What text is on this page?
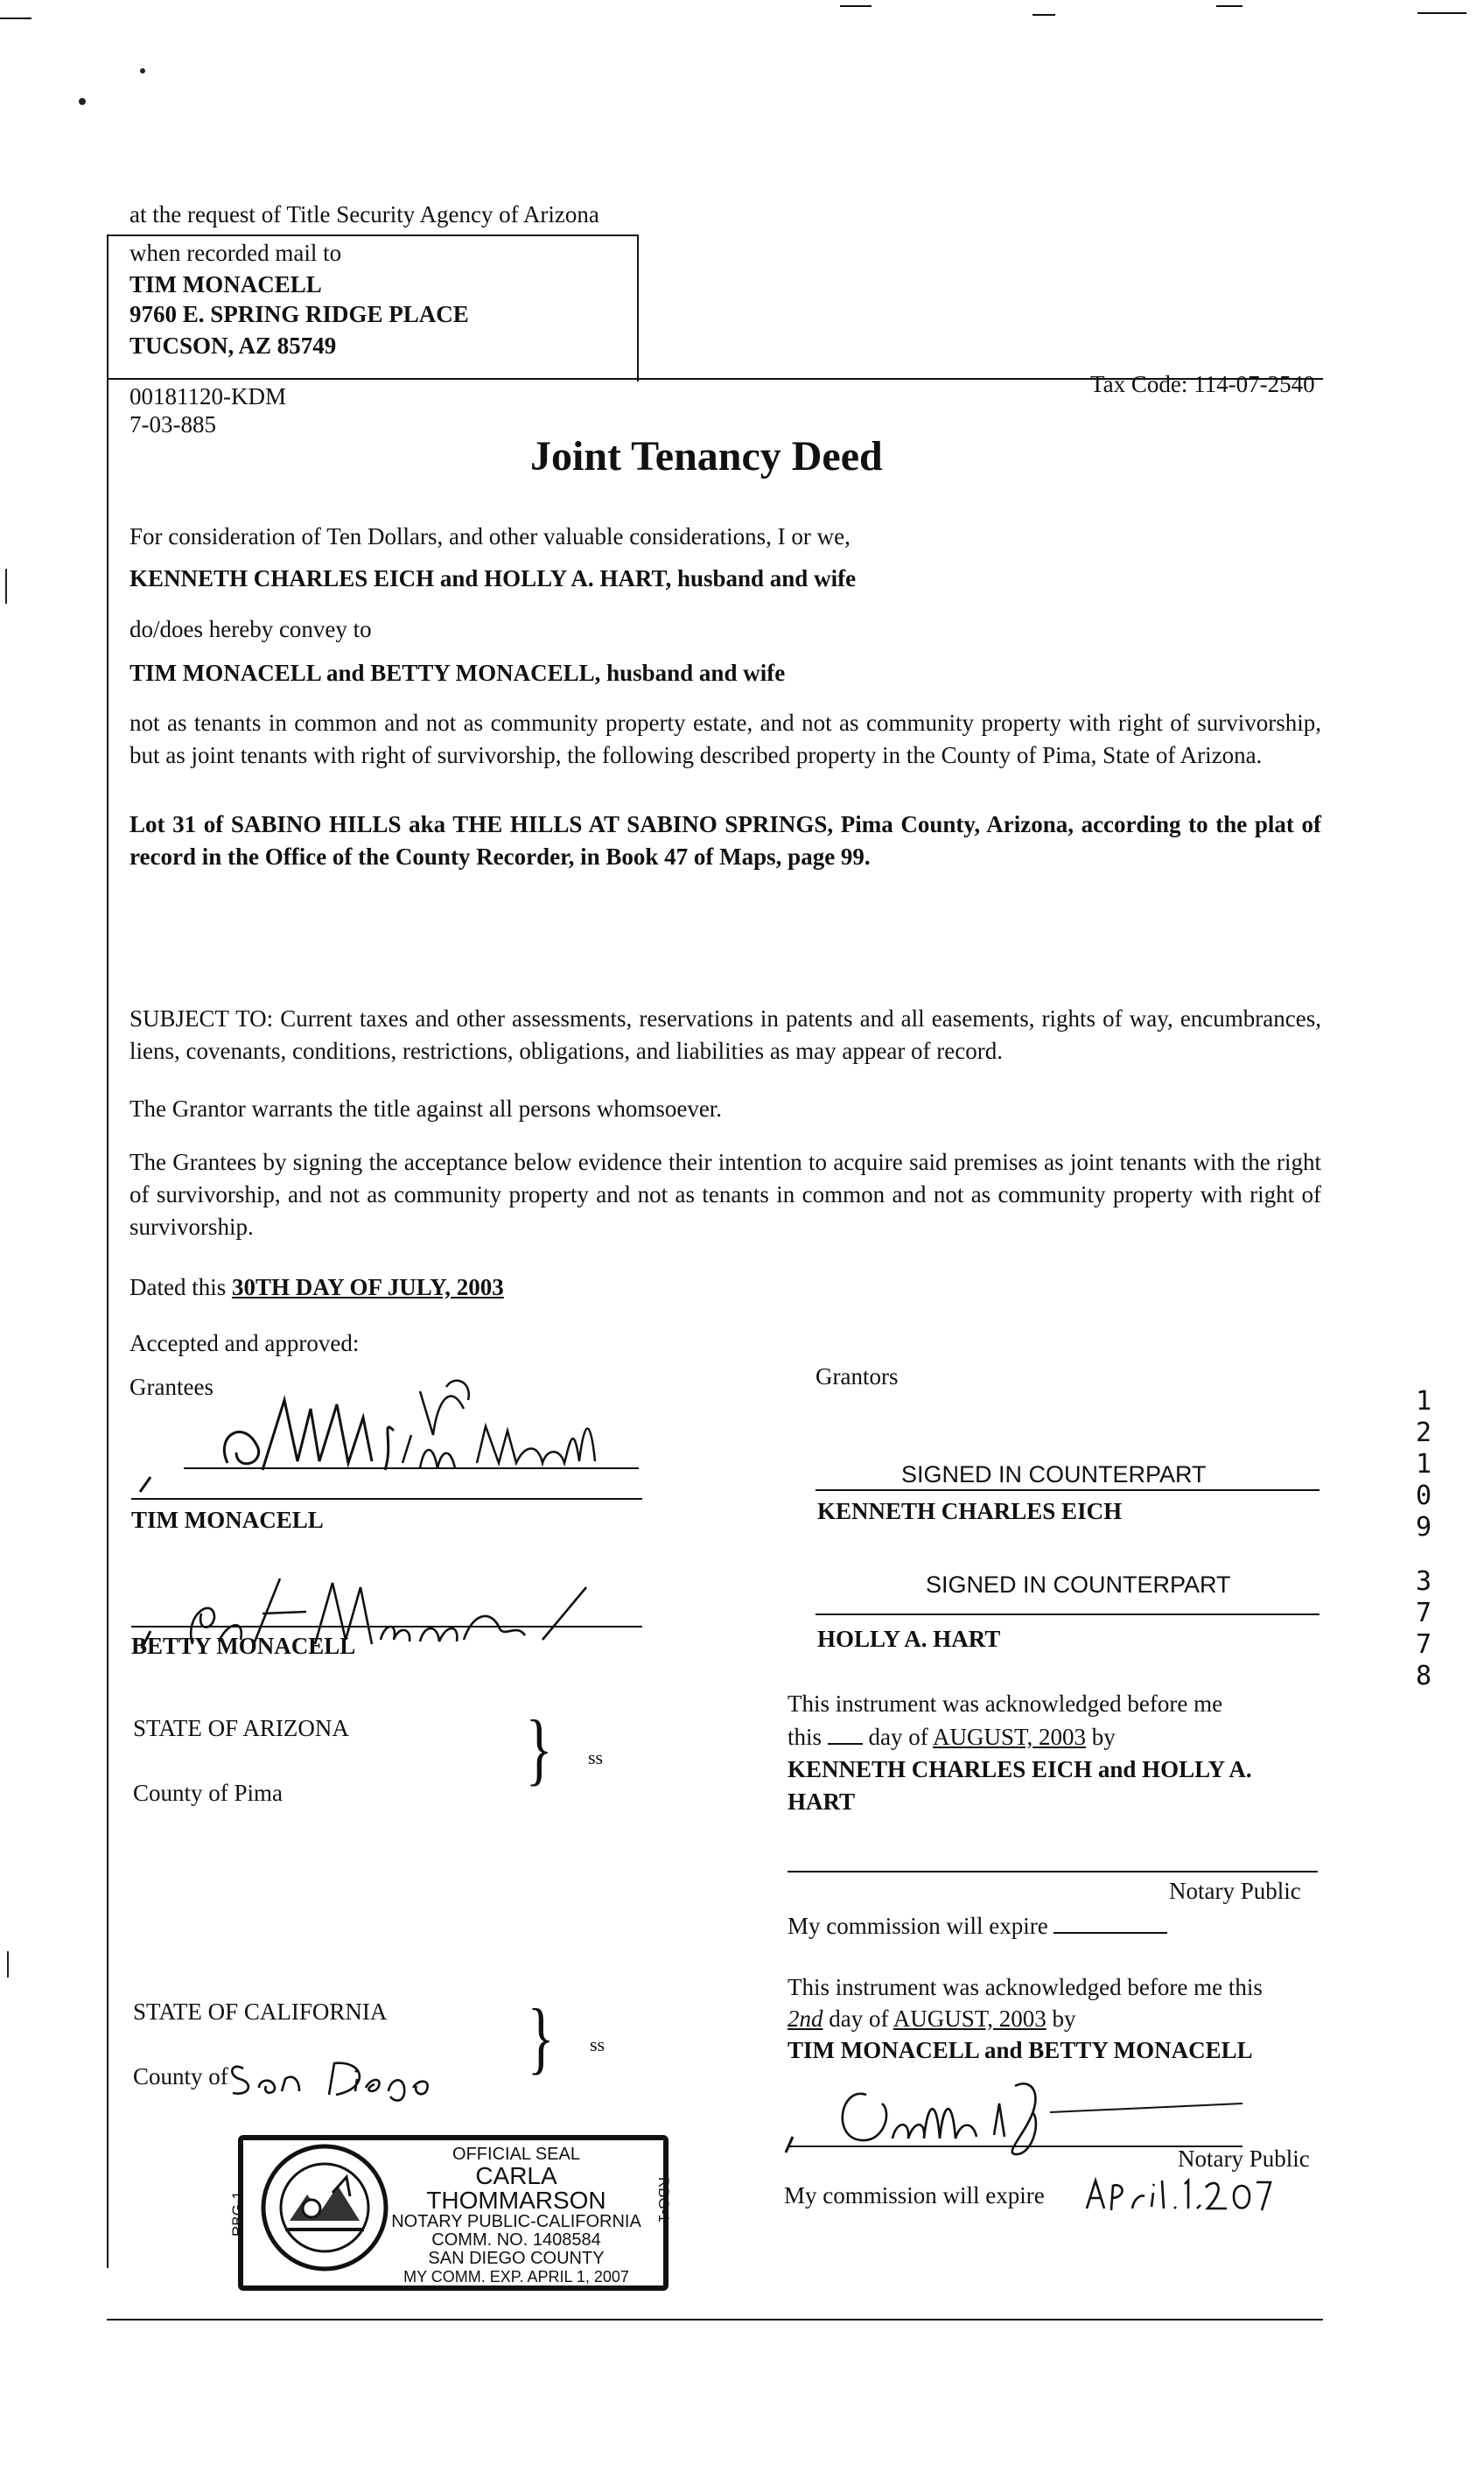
at the request of Title Security Agency of Arizona
when recorded mail to
TIM MONACELL
9760 E. SPRING RIDGE PLACE
TUCSON, AZ 85749
00181120-KDM
7-03-885
Tax Code: 114-07-2540
Joint Tenancy Deed
For consideration of Ten Dollars, and other valuable considerations, I or we,
KENNETH CHARLES EICH and HOLLY A. HART, husband and wife
do/does hereby convey to
TIM MONACELL and BETTY MONACELL, husband and wife
not as tenants in common and not as community property estate, and not as community property with right of survivorship, but as joint tenants with right of survivorship, the following described property in the County of Pima, State of Arizona.
Lot 31 of SABINO HILLS aka THE HILLS AT SABINO SPRINGS, Pima County, Arizona, according to the plat of record in the Office of the County Recorder, in Book 47 of Maps, page 99.
SUBJECT TO: Current taxes and other assessments, reservations in patents and all easements, rights of way, encumbrances, liens, covenants, conditions, restrictions, obligations, and liabilities as may appear of record.
The Grantor warrants the title against all persons whomsoever.
The Grantees by signing the acceptance below evidence their intention to acquire said premises as joint tenants with the right of survivorship, and not as community property and not as tenants in common and not as community property with right of survivorship.
Dated this 30TH DAY OF JULY, 2003
Accepted and approved:
Grantees	Grantors
TIM MONACELL
BETTY MONACELL
SIGNED IN COUNTERPART
KENNETH CHARLES EICH
SIGNED IN COUNTERPART
HOLLY A. HART
STATE OF ARIZONA
County of Pima	} ss
This instrument was acknowledged before me
this day of AUGUST, 2003 by
KENNETH CHARLES EICH and HOLLY A. HART
Notary Public
My commission will expire
STATE OF CALIFORNIA
County of	} ss
This instrument was acknowledged before me this
2nd day of AUGUST, 2003 by
TIM MONACELL and BETTY MONACELL
Notary Public
My commission will expire
RBG-1	RBG-1
OFFICIAL SEAL
CARLA THOMMARSON
NOTARY PUBLIC-CALIFORNIA
COMM. NO. 1408584
SAN DIEGO COUNTY
MY COMM. EXP. APRIL 1, 2007
1
2
1
0
9
3
7
7
8
